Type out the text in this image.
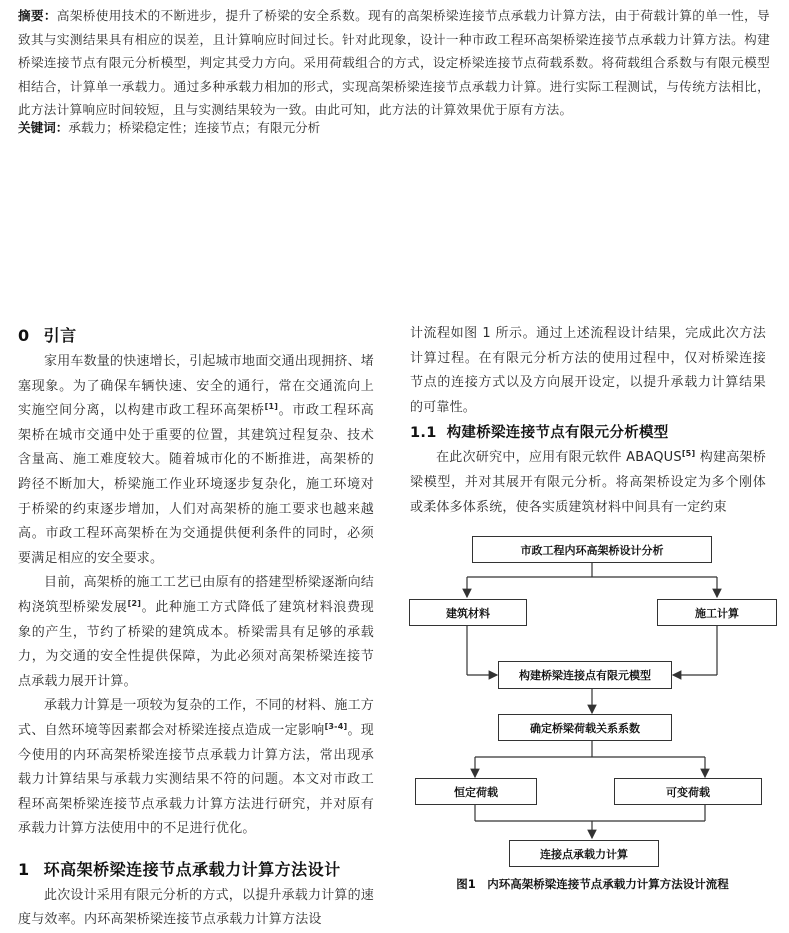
摘要：高架桥使用技术的不断进步，提升了桥梁的安全系数。现有的高架桥梁连接节点承载力计算方法，由于荷载计算的单一性，导致其与实测结果具有相应的误差，且计算响应时间过长。针对此现象，设计一种市政工程环高架桥梁连接节点承载力计算方法。构建桥梁连接节点有限元分析模型，判定其受力方向。采用荷载组合的方式，设定桥梁连接节点荷载系数。将荷载组合系数与有限元模型相结合，计算单一承载力。通过多种承载力相加的形式，实现高架桥梁连接节点承载力计算。进行实际工程测试，与传统方法相比，此方法计算响应时间较短，且与实测结果较为一致。由此可知，此方法的计算效果优于原有方法。
关键词：承载力；桥梁稳定性；连接节点；有限元分析
0 引言

家用车数量的快速增长，引起城市地面交通出现拥挤、堵塞现象。为了确保车辆快速、安全的通行，常在交通流向上实施空间分离，以构建市政工程环高架桥[1]。市政工程环高架桥在城市交通中处于重要的位置，其建筑过程复杂、技术含量高、施工难度较大。随着城市化的不断推进，高架桥的跨径不断加大，桥梁施工作业环境逐步复杂化，施工环境对于桥梁的约束逐步增加，人们对高架桥的施工要求也越来越高。市政工程环高架桥在为交通提供便利条件的同时，必须要满足相应的安全要求。

目前，高架桥的施工工艺已由原有的搭建型桥梁逐渐向结构浇筑型桥梁发展[2]。此种施工方式降低了建筑材料浪费现象的产生，节约了桥梁的建筑成本。桥梁需具有足够的承载力，为交通的安全性提供保障，为此必须对高架桥梁连接节点承载力展开计算。

承载力计算是一项较为复杂的工作，不同的材料、施工方式、自然环境等因素都会对桥梁连接点造成一定影响[3-4]。现今使用的内环高架桥梁连接节点承载力计算方法，常出现承载力计算结果与承载力实测结果不符的问题。本文对市政工程环高架桥梁连接节点承载力计算方法进行研究，并对原有承载力计算方法使用中的不足进行优化。

1 环高架桥梁连接节点承载力计算方法设计

此次设计采用有限元分析的方式，以提升承载力计算的速度与效率。内环高架桥梁连接节点承载力计算方法设

计流程如图 1 所示。通过上述流程设计结果，完成此次方法计算过程。在有限元分析方法的使用过程中，仅对桥梁连接节点的连接方式以及方向展开设定，以提升承载力计算结果的可靠性。

1.1 构建桥梁连接节点有限元分析模型

在此次研究中，应用有限元软件 ABAQUS[5] 构建高架桥梁模型，并对其展开有限元分析。将高架桥设定为多个刚体或柔体多体系统，使各实质建筑材料中间具有一定约束

市政工程内环高架桥设计分析
建筑材料	施工计算
构建桥梁连接点有限元模型
确定桥梁荷载关系系数
恒定荷载	可变荷载
连接点承载力计算
图1　内环高架桥梁连接节点承载力计算方法设计流程
